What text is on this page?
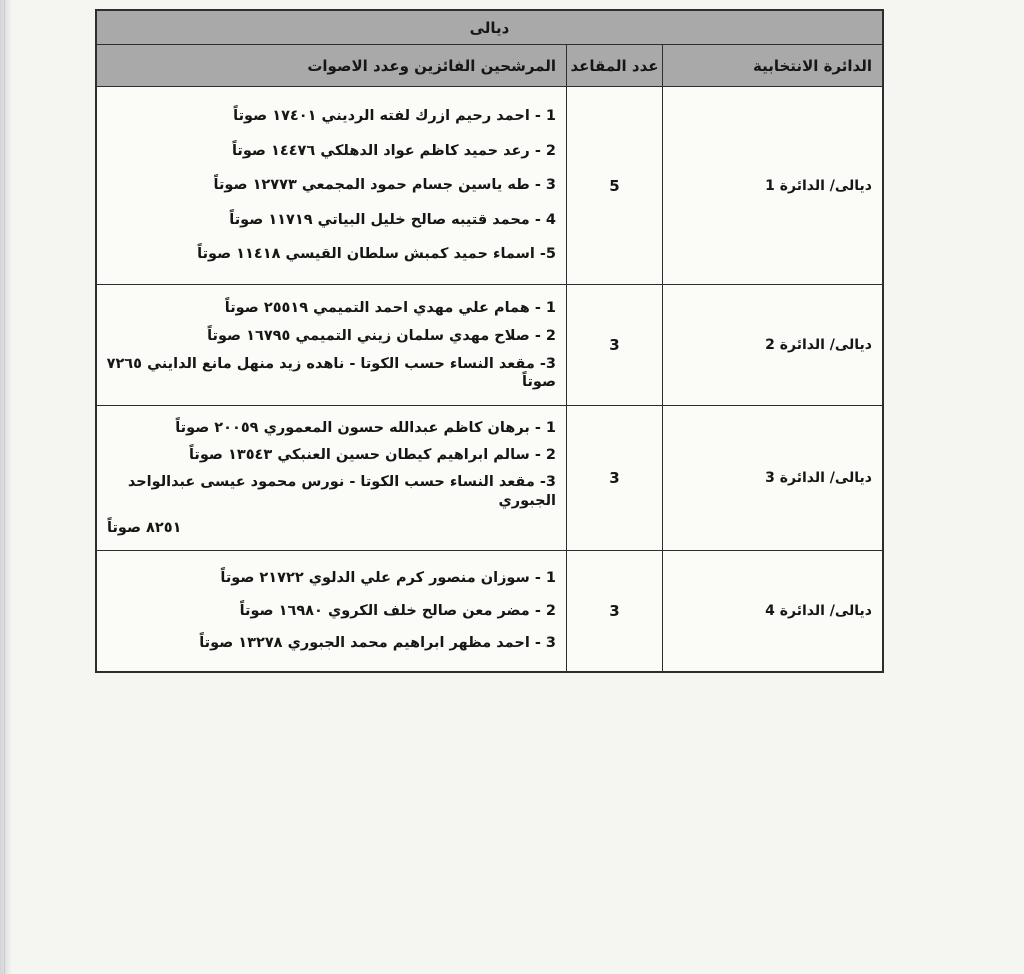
ديالى
الدائرة الانتخابية
عدد المقاعد
المرشحين الفائزين وعدد الاصوات
ديالى/ الدائرة 1
5
1 - احمد رحيم ازرك لفته الرديني ١٧٤٠١ صوتاً
2 - رعد حميد كاظم عواد الدهلكي ١٤٤٧٦ صوتاً
3 - طه ياسين جسام حمود المجمعي ١٢٧٧٣ صوتاً
4 - محمد قتيبه صالح خليل البياتي ١١٧١٩ صوتاً
5- اسماء حميد كمبش سلطان القيسي ١١٤١٨ صوتاً
ديالى/ الدائرة 2
3
1 - همام علي مهدي احمد التميمي ٢٥٥١٩ صوتاً
2 - صلاح مهدي سلمان زيني التميمي ١٦٧٩٥ صوتاً
3- مقعد النساء حسب الكوتا - ناهده زيد منهل مانع الدايني ٧٢٦٥ صوتاً
ديالى/ الدائرة 3
3
1 - برهان كاظم عبدالله حسون المعموري ٢٠٠٥٩ صوتاً
2 - سالم ابراهيم كيطان حسين العنبكي ١٣٥٤٣ صوتاً
3- مقعد النساء حسب الكوتا - نورس محمود عيسى عبدالواحد الجبوري
٨٢٥١ صوتاً
ديالى/ الدائرة 4
3
1 - سوزان منصور كرم علي الدلوي ٢١٧٢٢ صوتاً
2 - مضر معن صالح خلف الكروي ١٦٩٨٠ صوتاً
3 - احمد مظهر ابراهيم محمد الجبوري ١٣٢٧٨ صوتاً
